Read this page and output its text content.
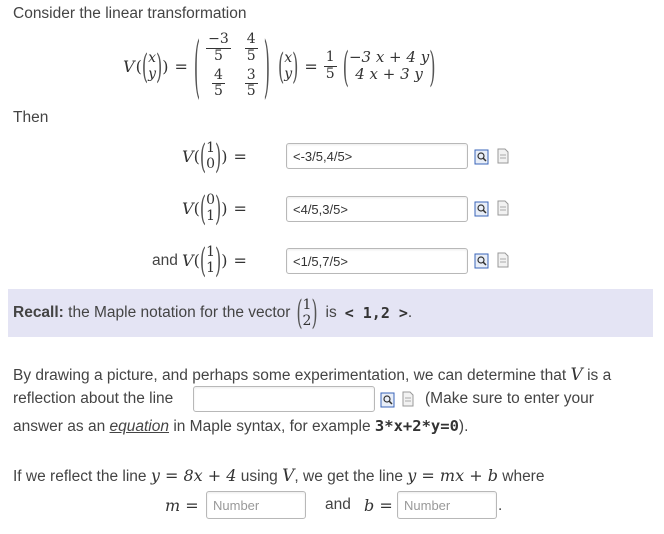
Consider the linear transformation
V ( ( x
y ) ) = ( $\frac{-3}{5} \frac{4}{5}$
$\frac{4}{5} \frac{3}{5}$ ) ( x
y ) = $\frac{1}{5}$ ( −3 x + 4 y
4 x + 3 y )
Then
V ( ( 1
0 ) ) =	<-3/5,4/5>
V ( ( 0
1 ) ) =	<4/5,3/5>
and V ( ( 1
1 ) ) =	<1/5,7/5>
Recall: the Maple notation for the vector ( 1
2 ) is < 1,2 > .
By drawing a picture, and perhaps some experimentation, we can determine that V is a
reflection about the line	(Make sure to enter your
answer as an equation in Maple syntax, for example 3*x+2*y=0).
If we reflect the line y = 8x + 4 using V, we get the line y = mx + b where
m =	Number	and b = Number	.
